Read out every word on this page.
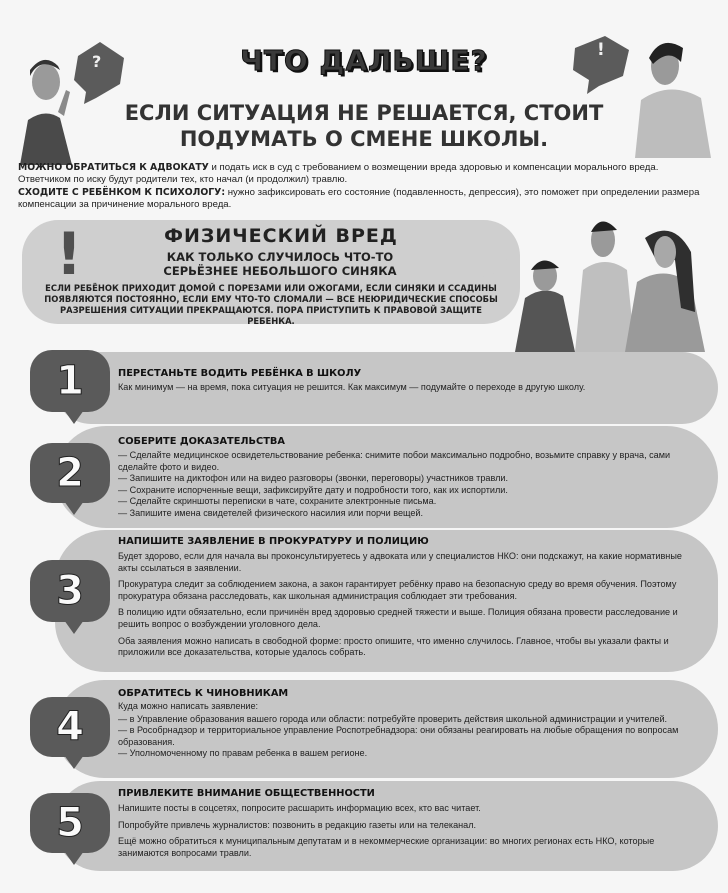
?
!
ЧТО ДАЛЬШЕ?
ЕСЛИ СИТУАЦИЯ НЕ РЕШАЕТСЯ, СТОИТ ПОДУМАТЬ О СМЕНЕ ШКОЛЫ.
МОЖНО ОБРАТИТЬСЯ К АДВОКАТУ и подать иск в суд с требованием о возмещении вреда здоровью и компенсации морального вреда. Ответчиком по иску будут родители тех, кто начал (и продолжил) травлю.
СХОДИТЕ С РЕБЁНКОМ К ПСИХОЛОГУ: нужно зафиксировать его состояние (подавленность, депрессия), это поможет при определении размера компенсации за причинение морального вреда.
!	ФИЗИЧЕСКИЙ ВРЕД
КАК ТОЛЬКО СЛУЧИЛОСЬ ЧТО-ТО СЕРЬЁЗНЕЕ НЕБОЛЬШОГО СИНЯКА
ЕСЛИ РЕБЁНОК ПРИХОДИТ ДОМОЙ С ПОРЕЗАМИ ИЛИ ОЖОГАМИ, ЕСЛИ СИНЯКИ И ССАДИНЫ ПОЯВЛЯЮТСЯ ПОСТОЯННО, ЕСЛИ ЕМУ ЧТО-ТО СЛОМАЛИ — ВСЕ НЕЮРИДИЧЕСКИЕ СПОСОБЫ РАЗРЕШЕНИЯ СИТУАЦИИ ПРЕКРАЩАЮТСЯ. ПОРА ПРИСТУПИТЬ К ПРАВОВОЙ ЗАЩИТЕ РЕБЕНКА.
1	ПЕРЕСТАНЬТЕ ВОДИТЬ РЕБЁНКА В ШКОЛУ

Как минимум — на время, пока ситуация не решится. Как максимум — подумайте о переходе в другую школу.

2
СОБЕРИТЕ ДОКАЗАТЕЛЬСТВА
— Сделайте медицинское освидетельствование ребенка: снимите побои максимально подробно, возьмите справку у врача, сами сделайте фото и видео.
— Запишите на диктофон или на видео разговоры (звонки, переговоры) участников травли.
— Сохраните испорченные вещи, зафиксируйте дату и подробности того, как их испортили.
— Сделайте скриншоты переписки в чате, сохраните электронные письма.
— Запишите имена свидетелей физического насилия или порчи вещей.
3
НАПИШИТЕ ЗАЯВЛЕНИЕ В ПРОКУРАТУРУ И ПОЛИЦИЮ

Будет здорово, если для начала вы проконсультируетесь у адвоката или у специалистов НКО: они подскажут, на какие нормативные акты ссылаться в заявлении.

Прокуратура следит за соблюдением закона, а закон гарантирует ребёнку право на безопасную среду во время обучения. Поэтому прокуратура обязана расследовать, как школьная администрация соблюдает эти требования.

В полицию идти обязательно, если причинён вред здоровью средней тяжести и выше. Полиция обязана провести расследование и решить вопрос о возбуждении уголовного дела.

Оба заявления можно написать в свободной форме: просто опишите, что именно случилось. Главное, чтобы вы указали факты и приложили все доказательства, которые удалось собрать.

4
ОБРАТИТЕСЬ К ЧИНОВНИКАМ

Куда можно написать заявление:

— в Управление образования вашего города или области: потребуйте проверить действия школьной администрации и учителей.
— в Рособрнадзор и территориальное управление Роспотребнадзора: они обязаны реагировать на любые обращения по вопросам образования.
— Уполномоченному по правам ребенка в вашем регионе.
5
ПРИВЛЕКИТЕ ВНИМАНИЕ ОБЩЕСТВЕННОСТИ

Напишите посты в соцсетях, попросите расшарить информацию всех, кто вас читает.

Попробуйте привлечь журналистов: позвонить в редакцию газеты или на телеканал.

Ещё можно обратиться к муниципальным депутатам и в некоммерческие организации: во многих регионах есть НКО, которые занимаются вопросами травли.
